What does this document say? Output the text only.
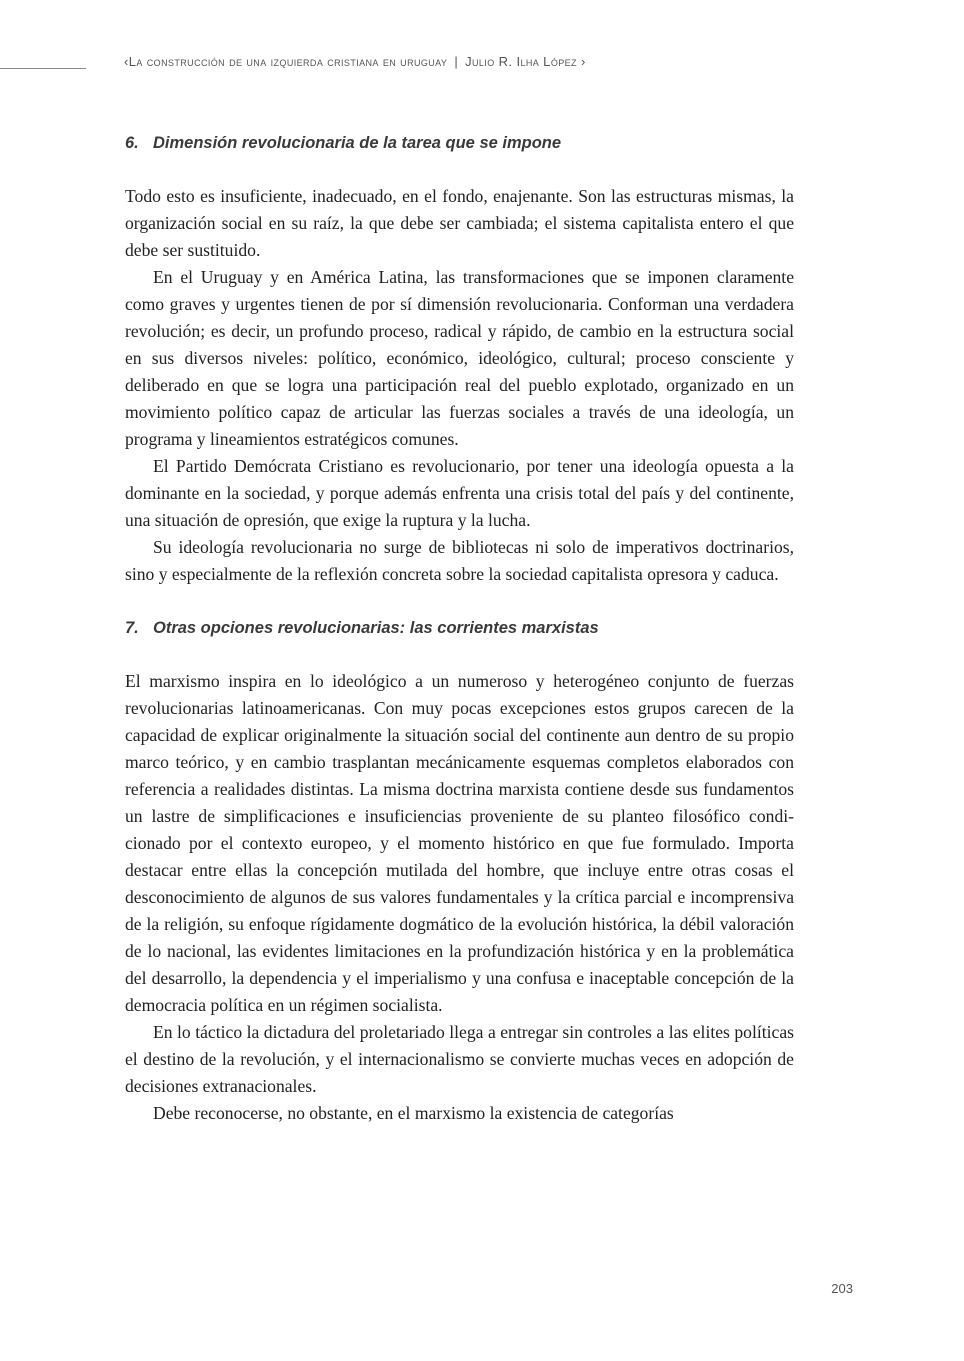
‹La construcción de una izquierda cristiana en uruguay | Julio R. Ilha López ›
6. Dimensión revolucionaria de la tarea que se impone

Todo esto es insuficiente, inadecuado, en el fondo, enajenante. Son las estructuras mismas, la organización social en su raíz, la que debe ser cambiada; el sistema capitalista entero el que debe ser sustituido.

En el Uruguay y en América Latina, las transformaciones que se imponen claramente como graves y urgentes tienen de por sí dimensión revolucionaria. Conforman una verdadera revolución; es decir, un profundo proceso, radical y rápido, de cambio en la estructura social en sus diversos niveles: político, económico, ideológico, cultural; proceso consciente y deliberado en que se logra una participación real del pueblo explotado, organizado en un movimiento político capaz de articular las fuerzas sociales a través de una ideología, un programa y lineamientos estratégicos comunes.

El Partido Demócrata Cristiano es revolucionario, por tener una ideología opuesta a la dominante en la sociedad, y porque además enfrenta una crisis total del país y del continente, una situación de opresión, que exige la ruptura y la lucha.

Su ideología revolucionaria no surge de bibliotecas ni solo de imperativos doctrinarios, sino y especialmente de la reflexión concreta sobre la sociedad capitalista opresora y caduca.

7. Otras opciones revolucionarias: las corrientes marxistas

El marxismo inspira en lo ideológico a un numeroso y heterogéneo conjunto de fuerzas revolucionarias latinoamericanas. Con muy pocas excepciones estos grupos carecen de la capacidad de explicar originalmente la situación social del continente aun dentro de su propio marco teórico, y en cambio trasplantan mecánicamente esquemas completos elaborados con referencia a realidades distintas. La misma doctrina marxista contiene desde sus fundamentos un lastre de simplificaciones e insuficiencias proveniente de su planteo filosófico condicionado por el contexto europeo, y el momento histórico en que fue formulado. Importa destacar entre ellas la concepción mutilada del hombre, que incluye entre otras cosas el desconocimiento de algunos de sus valores fundamentales y la crítica parcial e incomprensiva de la religión, su enfoque rígidamente dogmático de la evolución histórica, la débil valoración de lo nacional, las evidentes limitaciones en la profundización histórica y en la problemática del desarrollo, la dependencia y el imperialismo y una confusa e inaceptable concepción de la democracia política en un régimen socialista.

En lo táctico la dictadura del proletariado llega a entregar sin controles a las elites políticas el destino de la revolución, y el internacionalismo se convierte muchas veces en adopción de decisiones extranacionales.

Debe reconocerse, no obstante, en el marxismo la existencia de categorías

203
